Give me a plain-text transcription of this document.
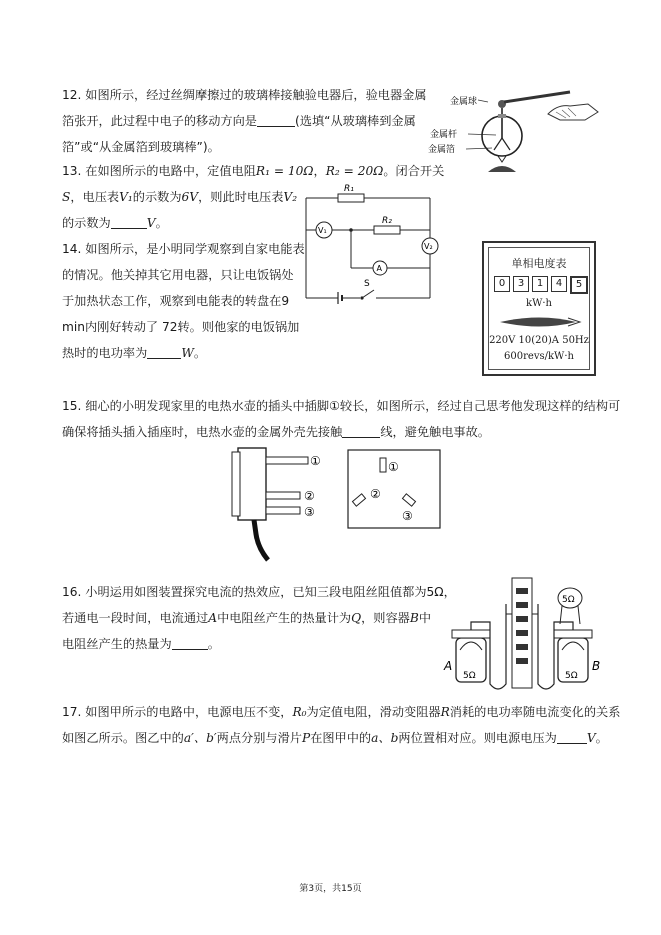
12. 如图所示，经过丝绸摩擦过的玻璃棒接触验电器后，验电器金属
箔张开，此过程中电子的移动方向是	(选填“从玻璃棒到金属
箔”或“从金属箔到玻璃棒”)。
金属球
金属杆
金属箔
13. 在如图所示的电路中，定值电阻R₁ = 10Ω，R₂ = 20Ω。闭合开关
S，电压表V₁的示数为6V，则此时电压表V₂
的示数为	V。
R₁
R₂
V₁
A
V₂
S
14. 如图所示，是小明同学观察到自家电能表
的情况。他关掉其它用电器，只让电饭锅处
于加热状态工作，观察到电能表的转盘在9
min内刚好转动了 72转。则他家的电饭锅加
热时的电功率为	W。
单相电度表
0	3	1	4	5
kW·h
220V 10(20)A 50Hz
600revs/kW·h
15. 细心的小明发现家里的电热水壶的插头中插脚①较长，如图所示，经过自己思考他发现这样的结构可
确保将插头插入插座时，电热水壶的金属外壳先接触	线，避免触电事故。
①
②
③
①
②
③
16. 小明运用如图装置探究电流的热效应，已知三段电阻丝阻值都为5Ω，
若通电一段时间，电流通过A中电阻丝产生的热量计为Q，则容器B中
电阻丝产生的热量为	。
A	B
5Ω	5Ω
5Ω
17. 如图甲所示的电路中，电源电压不变，R₀为定值电阻，滑动变阻器R消耗的电功率随电流变化的关系
如图乙所示。图乙中的a′、b′两点分别与滑片P在图甲中的a、b两位置相对应。则电源电压为 V。
第3页，共15页
